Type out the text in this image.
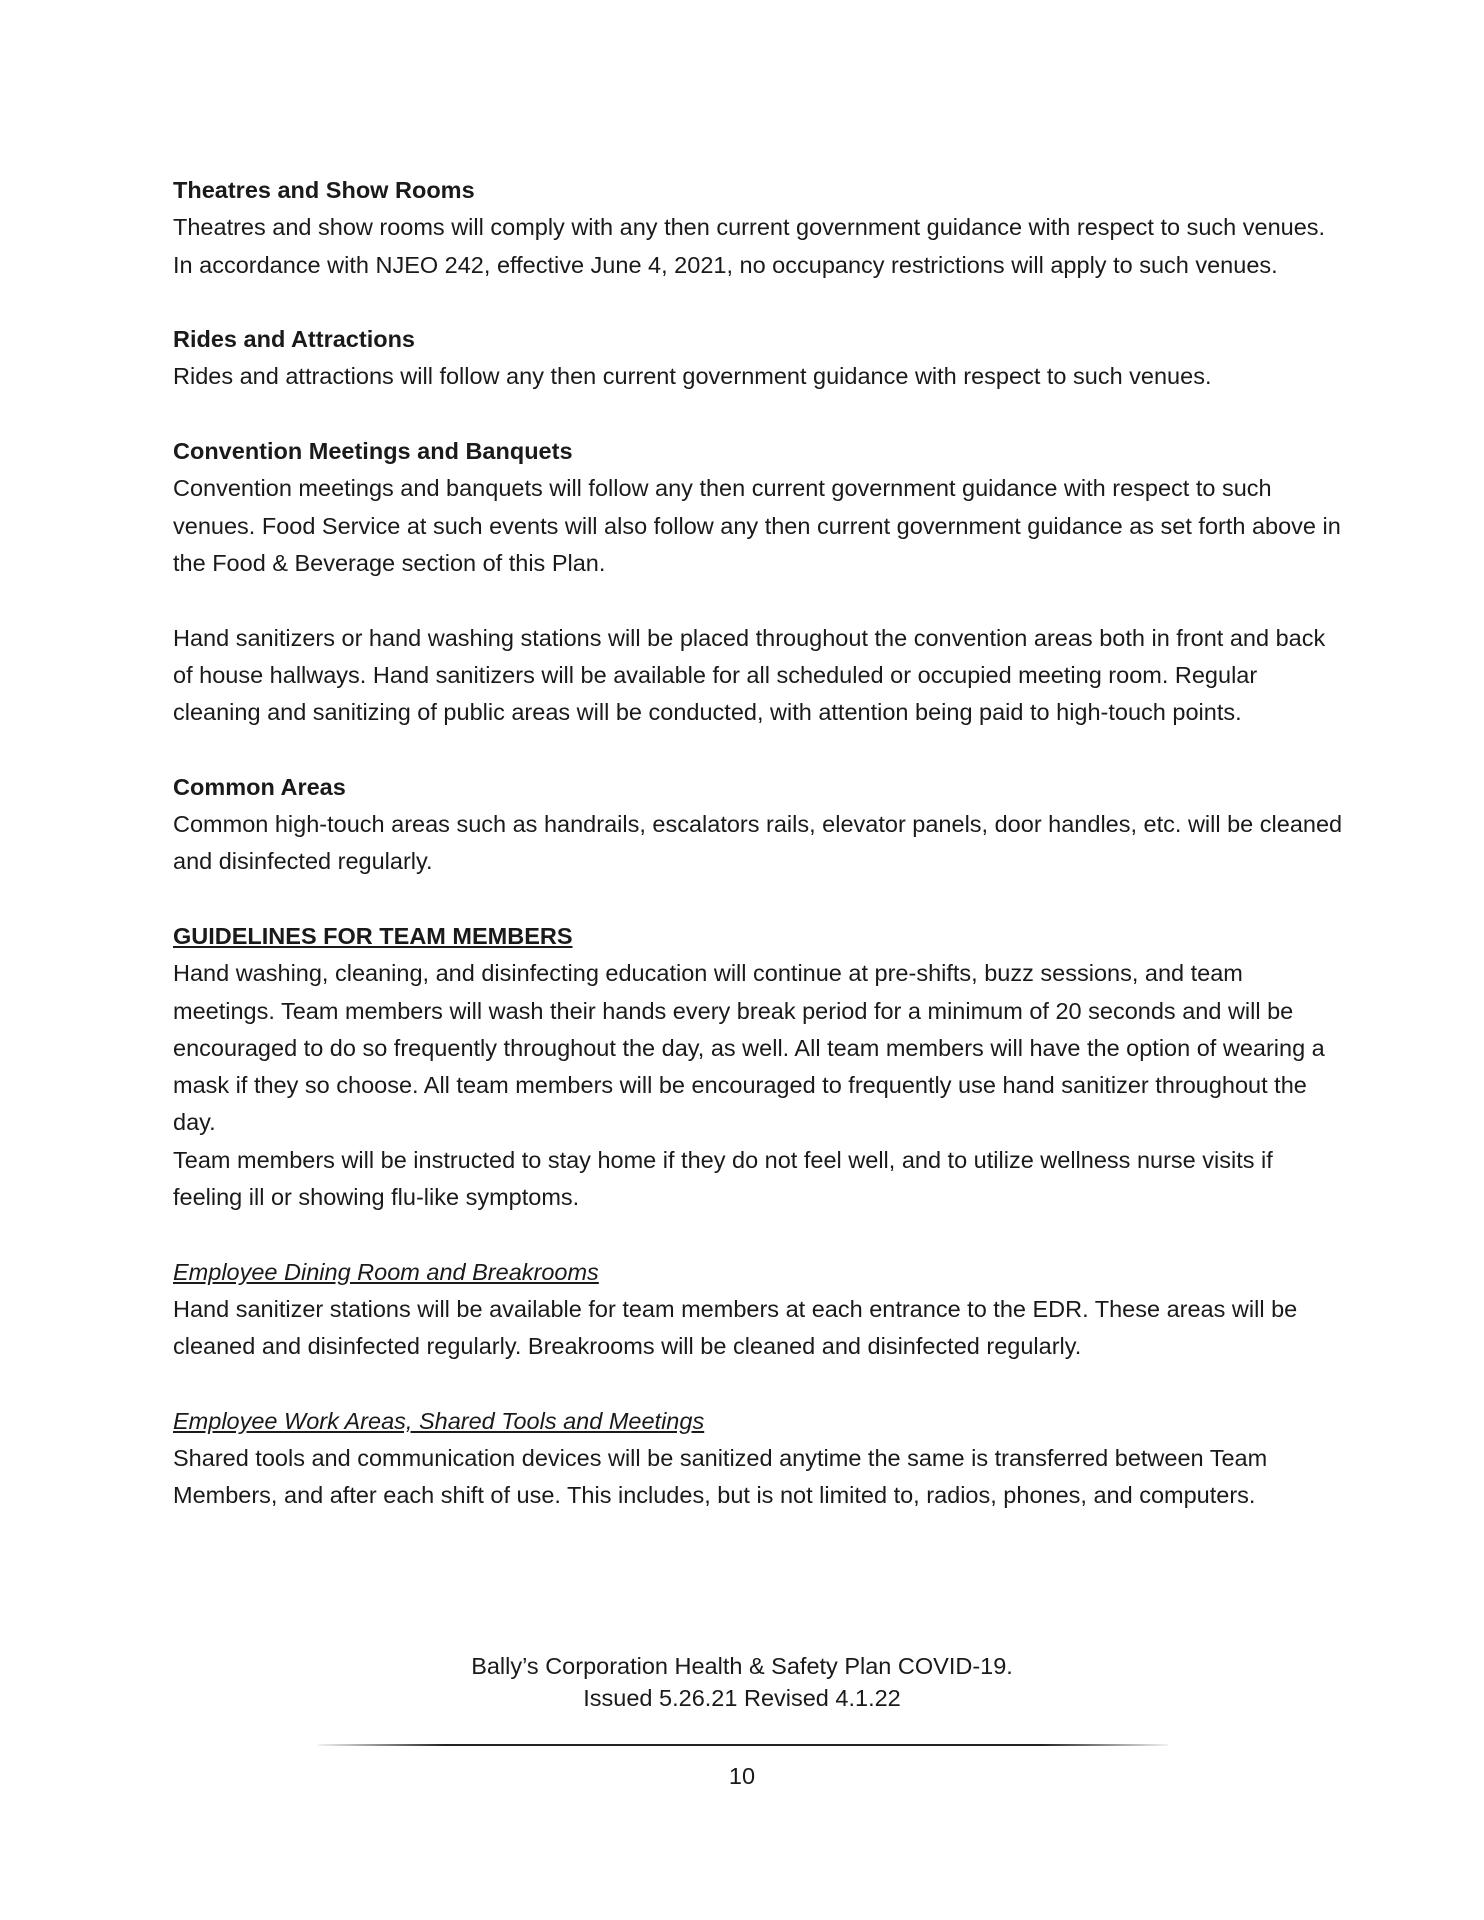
Theatres and Show Rooms

Theatres and show rooms will comply with any then current government guidance with respect to such venues. In accordance with NJEO 242, effective June 4, 2021, no occupancy restrictions will apply to such venues.

Rides and Attractions

Rides and attractions will follow any then current government guidance with respect to such venues.

Convention Meetings and Banquets

Convention meetings and banquets will follow any then current government guidance with respect to such venues. Food Service at such events will also follow any then current government guidance as set forth above in the Food & Beverage section of this Plan.

Hand sanitizers or hand washing stations will be placed throughout the convention areas both in front and back of house hallways. Hand sanitizers will be available for all scheduled or occupied meeting room. Regular cleaning and sanitizing of public areas will be conducted, with attention being paid to high-touch points.

Common Areas

Common high-touch areas such as handrails, escalators rails, elevator panels, door handles, etc. will be cleaned and disinfected regularly.

GUIDELINES FOR TEAM MEMBERS

Hand washing, cleaning, and disinfecting education will continue at pre-shifts, buzz sessions, and team meetings. Team members will wash their hands every break period for a minimum of 20 seconds and will be encouraged to do so frequently throughout the day, as well. All team members will have the option of wearing a mask if they so choose. All team members will be encouraged to frequently use hand sanitizer throughout the day.

Team members will be instructed to stay home if they do not feel well, and to utilize wellness nurse visits if feeling ill or showing flu-like symptoms.

Employee Dining Room and Breakrooms

Hand sanitizer stations will be available for team members at each entrance to the EDR. These areas will be cleaned and disinfected regularly. Breakrooms will be cleaned and disinfected regularly.

Employee Work Areas, Shared Tools and Meetings

Shared tools and communication devices will be sanitized anytime the same is transferred between Team Members, and after each shift of use. This includes, but is not limited to, radios, phones, and computers.

Bally’s Corporation Health & Safety Plan COVID-19.
Issued 5.26.21 Revised 4.1.22
10
